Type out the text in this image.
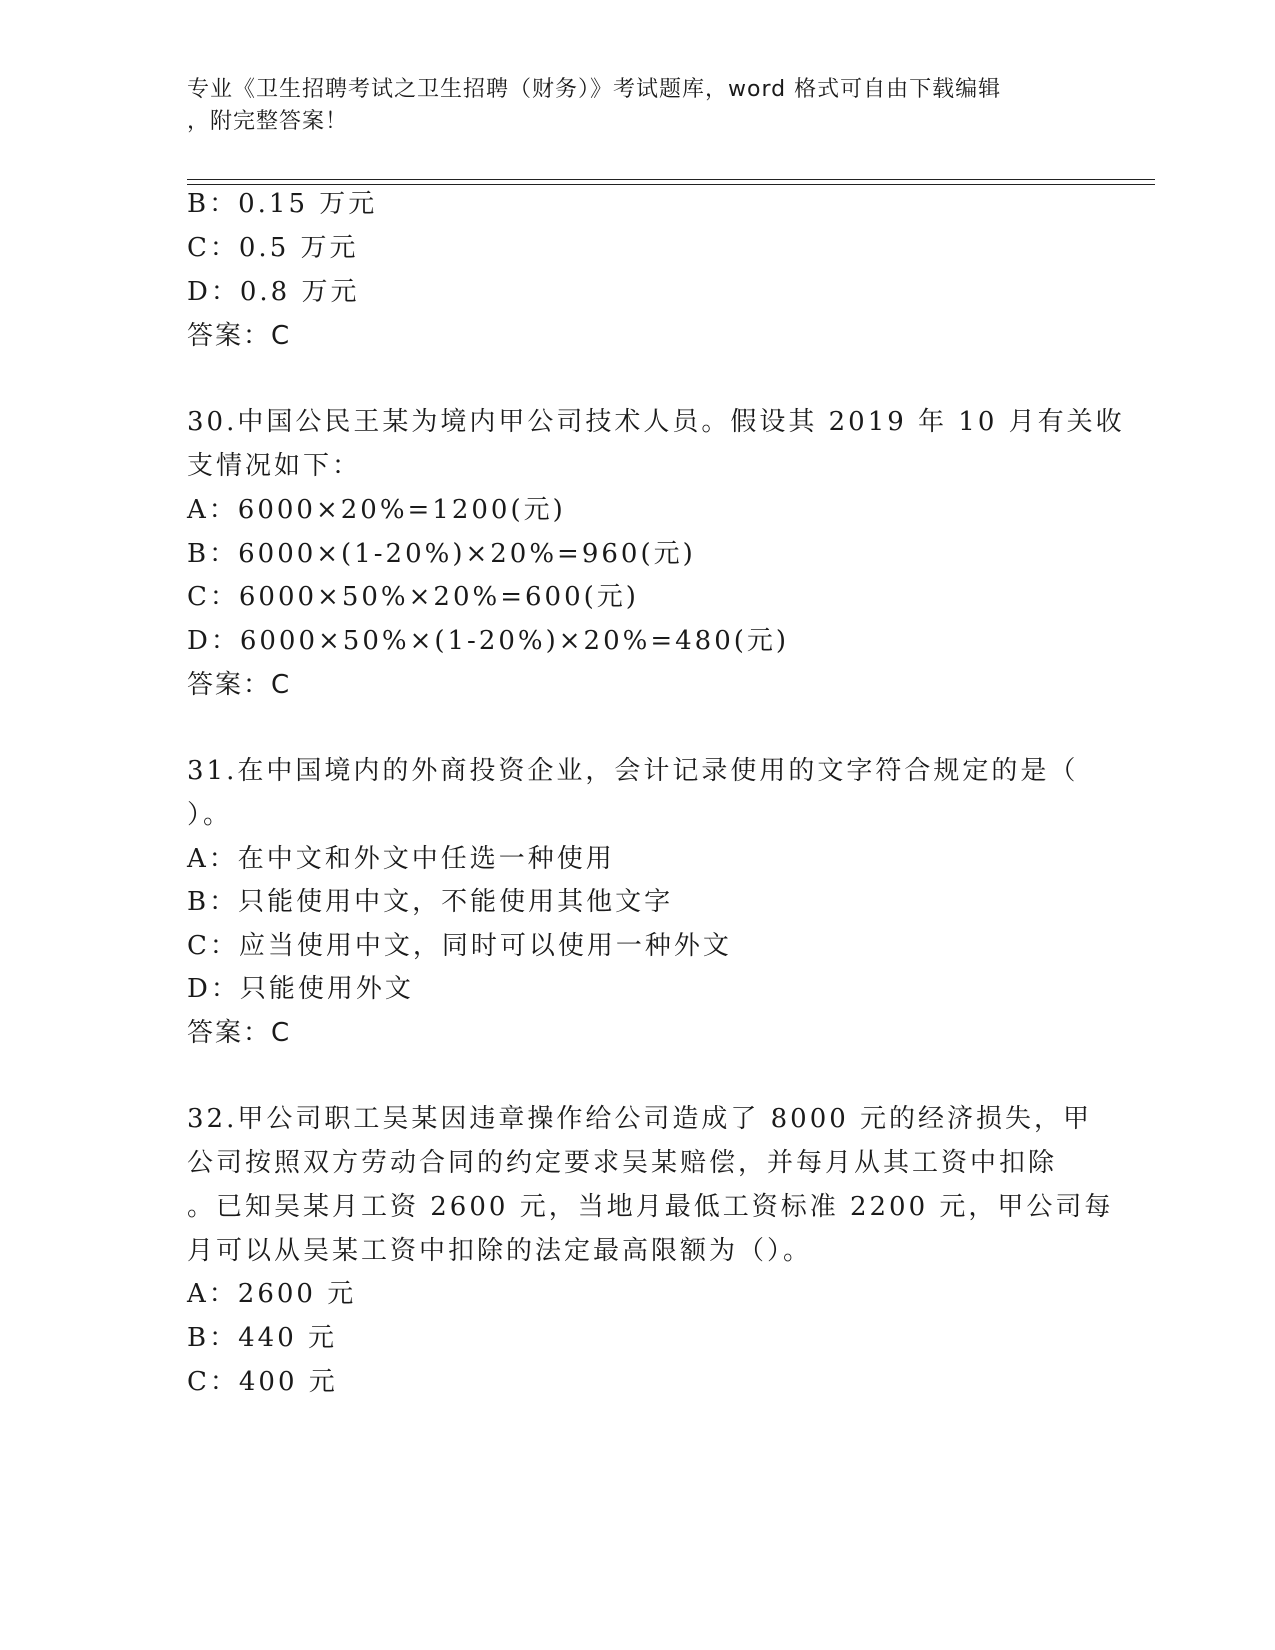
专业《卫生招聘考试之卫生招聘（财务）》考试题库，word 格式可自由下载编辑
，附完整答案！
B：0.15 万元
C：0.5 万元
D：0.8 万元
答案：C
30.中国公民王某为境内甲公司技术人员。假设其 2019 年 10 月有关收
支情况如下：
A：6000×20%=1200(元)
B：6000×(1-20%)×20%=960(元)
C：6000×50%×20%=600(元)
D：6000×50%×(1-20%)×20%=480(元)
答案：C
31.在中国境内的外商投资企业，会计记录使用的文字符合规定的是（
）。
A：在中文和外文中任选一种使用
B：只能使用中文，不能使用其他文字
C：应当使用中文，同时可以使用一种外文
D：只能使用外文
答案：C
32.甲公司职工吴某因违章操作给公司造成了 8000 元的经济损失，甲
公司按照双方劳动合同的约定要求吴某赔偿，并每月从其工资中扣除
。已知吴某月工资 2600 元，当地月最低工资标准 2200 元，甲公司每
月可以从吴某工资中扣除的法定最高限额为（）。
A：2600 元
B：440 元
C：400 元
